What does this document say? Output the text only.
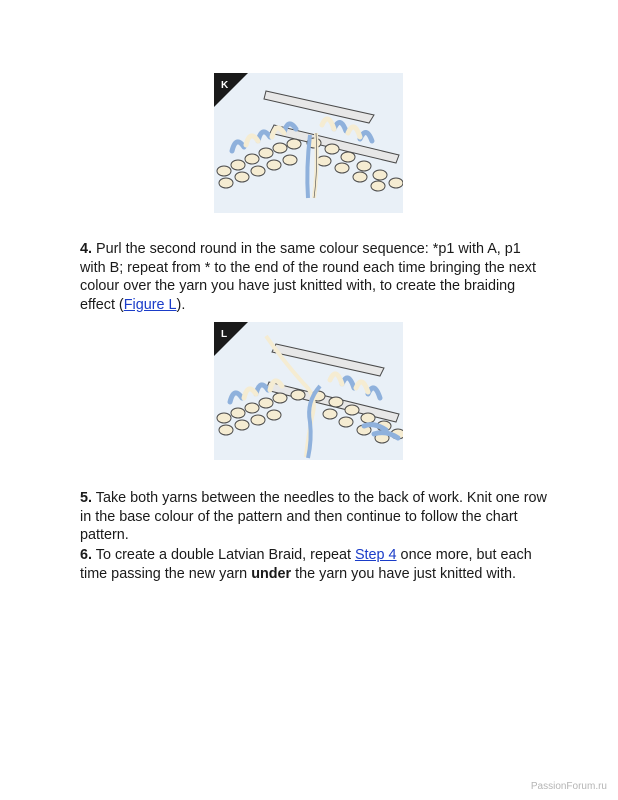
K
4. Purl the second round in the same colour sequence: *p1 with A, p1 with B; repeat from * to the end of the round each time bringing the next colour over the yarn you have just knitted with, to create the braiding effect (Figure L).
L
5. Take both yarns between the needles to the back of work. Knit one row in the base colour of the pattern and then continue to follow the chart pattern.
6. To create a double Latvian Braid, repeat Step 4 once more, but each time passing the new yarn under the yarn you have just knitted with.
PassionForum.ru
